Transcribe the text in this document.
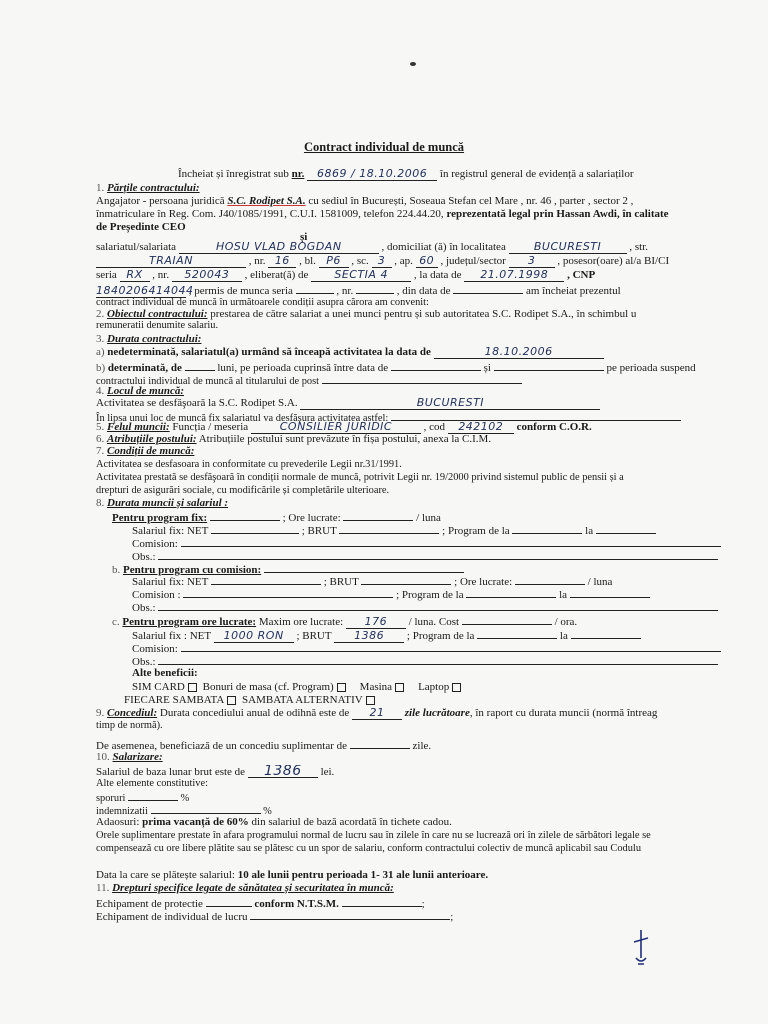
Contract individual de muncă
Încheiat și înregistrat sub nr. 6869 / 18.10.2006 în registrul general de evidență a salariaților
1. Părțile contractului:
Angajator - persoana juridică S.C. Rodipet S.A. cu sediul în București, Soseaua Stefan cel Mare , nr. 46 , parter , sector 2 ,
înmatriculare în Reg. Com. J40/1085/1991, C.U.I. 1581009, telefon 224.44.20, reprezentată legal prin Hassan Awdi, în calitate
de Președinte CEO
și
salariatul/salariata	HOSU VLAD BOGDAN	, domiciliat (ă) în localitatea	BUCURESTI	, str.
TRAIAN	, nr. 16 , bl. P6 , sc. 3 , ap. 60 , județul/sector 3 , posesor(oare) al/a BI/CI
seria RX , nr. 520043 , eliberat(ă) de SECTIA 4 , la data de 21.07.1998 , CNP
1840206414044 , permis de munca seria	, nr.	, din data de	am încheiat prezentul
contract individual de muncă în următoarele condiții asupra cărora am convenit:
2. Obiectul contractului: prestarea de către salariat a unei munci pentru și sub autoritatea S.C. Rodipet S.A., în schimbul u
remuneratii denumite salariu.
3. Durata contractului:
a) nedeterminată, salariatul(a) urmând să înceapă activitatea la data de	18.10.2006
b) determinată, de	luni, pe perioada cuprinsă între data de	și	pe perioada suspend
contractului individual de muncă al titularului de post
4. Locul de muncă:
Activitatea se desfăşoară la S.C. Rodipet S.A.	BUCURESTI
În lipsa unui loc de muncă fix salariatul va desfăşura activitatea astfel:
5. Felul muncii: Funcția / meseria	CONSILIER JURIDIC	, cod 242102 conform C.O.R.
6. Atribuțiile postului: Atribuțiile postului sunt prevăzute în fișa postului, anexa la C.I.M.
7. Condiții de muncă:
Activitatea se desfasoara in conformitate cu prevederile Legii nr.31/1991.
Activitatea prestată se desfăşoară în condiții normale de muncă, potrivit Legii nr. 19/2000 privind sistemul public de pensii și a
drepturi de asigurări sociale, cu modificările și completările ulterioare.
8. Durata muncii și salariul :
Pentru program fix:	; Ore lucrate:	/ luna
Salariul fix: NET	; BRUT	; Program de la	la
Comision:
Obs.:
b. Pentru program cu comision:
Salariul fix: NET	; BRUT	; Ore lucrate:	/ luna
Comision :	; Program de la	la
Obs.:
c. Pentru program ore lucrate: Maxim ore lucrate: 176 / luna. Cost	/ ora.
Salariul fix : NET 1000 RON ; BRUT 1386 ; Program de la	la
Comision:
Obs.:
Alte beneficii:
SIM CARD Bonuri de masa (cf. Program) Masina Laptop
FIECARE SAMBATA SAMBATA ALTERNATIV
9. Concediul: Durata concediului anual de odihnă este de 21 zile lucrătoare, în raport cu durata muncii (normă întreag
timp de normă).
De asemenea, beneficiază de un concediu suplimentar de	zile.
10. Salarizare:
Salariul de baza lunar brut este de 1386 lei.
Alte elemente constitutive:
sporuri	%
indemnizatii	%
Adaosuri: prima vacanță de 60% din salariul de bază acordată în tichete cadou.
Orele suplimentare prestate în afara programului normal de lucru sau în zilele în care nu se lucrează ori în zilele de sărbători legale se
compensează cu ore libere plătite sau se plătesc cu un spor de salariu, conform contractului colectiv de muncă aplicabil sau Codulu
Data la care se plătește salariul: 10 ale lunii pentru perioada 1- 31 ale lunii anterioare.
11. Drepturi specifice legate de sănătatea și securitatea în muncă:
Echipament de protectie	conform N.T.S.M.	;
Echipament de individual de lucru	;
